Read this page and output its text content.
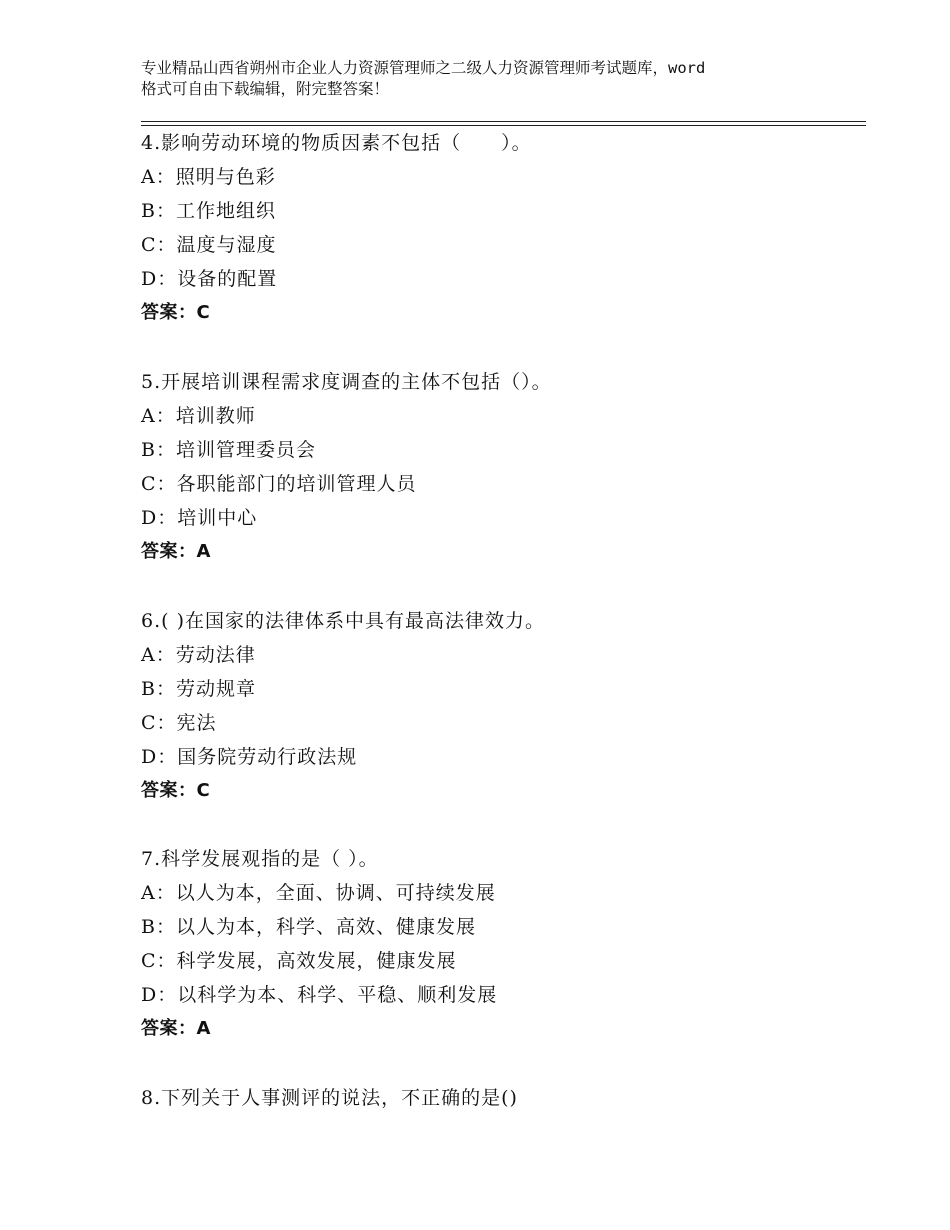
专业精品山西省朔州市企业人力资源管理师之二级人力资源管理师考试题库，word
格式可自由下载编辑，附完整答案！
4.影响劳动环境的物质因素不包括（　　）。
A：照明与色彩
B：工作地组织
C：温度与湿度
D：设备的配置
答案：C
5.开展培训课程需求度调查的主体不包括（）。
A：培训教师
B：培训管理委员会
C：各职能部门的培训管理人员
D：培训中心
答案：A
6.( )在国家的法律体系中具有最高法律效力。
A：劳动法律
B：劳动规章
C：宪法
D：国务院劳动行政法规
答案：C
7.科学发展观指的是（ ）。
A：以人为本，全面、协调、可持续发展
B：以人为本，科学、高效、健康发展
C：科学发展，高效发展，健康发展
D：以科学为本、科学、平稳、顺利发展
答案：A
8.下列关于人事测评的说法，不正确的是()
